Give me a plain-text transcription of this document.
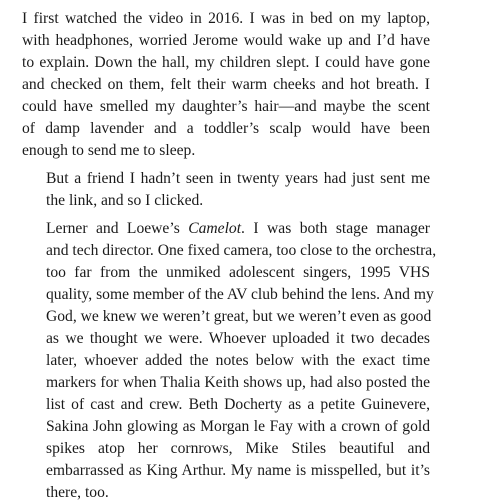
I first watched the video in 2016. I was in bed on my laptop,
with headphones, worried Jerome would wake up and I’d have
to explain. Down the hall, my children slept. I could have gone
and checked on them, felt their warm cheeks and hot breath. I
could have smelled my daughter’s hair—and maybe the scent
of damp lavender and a toddler’s scalp would have been
enough to send me to sleep.

But a friend I hadn’t seen in twenty years had just sent me
the link, and so I clicked.

Lerner and Loewe’s Camelot. I was both stage manager
and tech director. One fixed camera, too close to the orchestra,
too far from the unmiked adolescent singers, 1995 VHS
quality, some member of the AV club behind the lens. And my
God, we knew we weren’t great, but we weren’t even as good
as we thought we were. Whoever uploaded it two decades
later, whoever added the notes below with the exact time
markers for when Thalia Keith shows up, had also posted the
list of cast and crew. Beth Docherty as a petite Guinevere,
Sakina John glowing as Morgan le Fay with a crown of gold
spikes atop her cornrows, Mike Stiles beautiful and
embarrassed as King Arthur. My name is misspelled, but it’s
there, too.
